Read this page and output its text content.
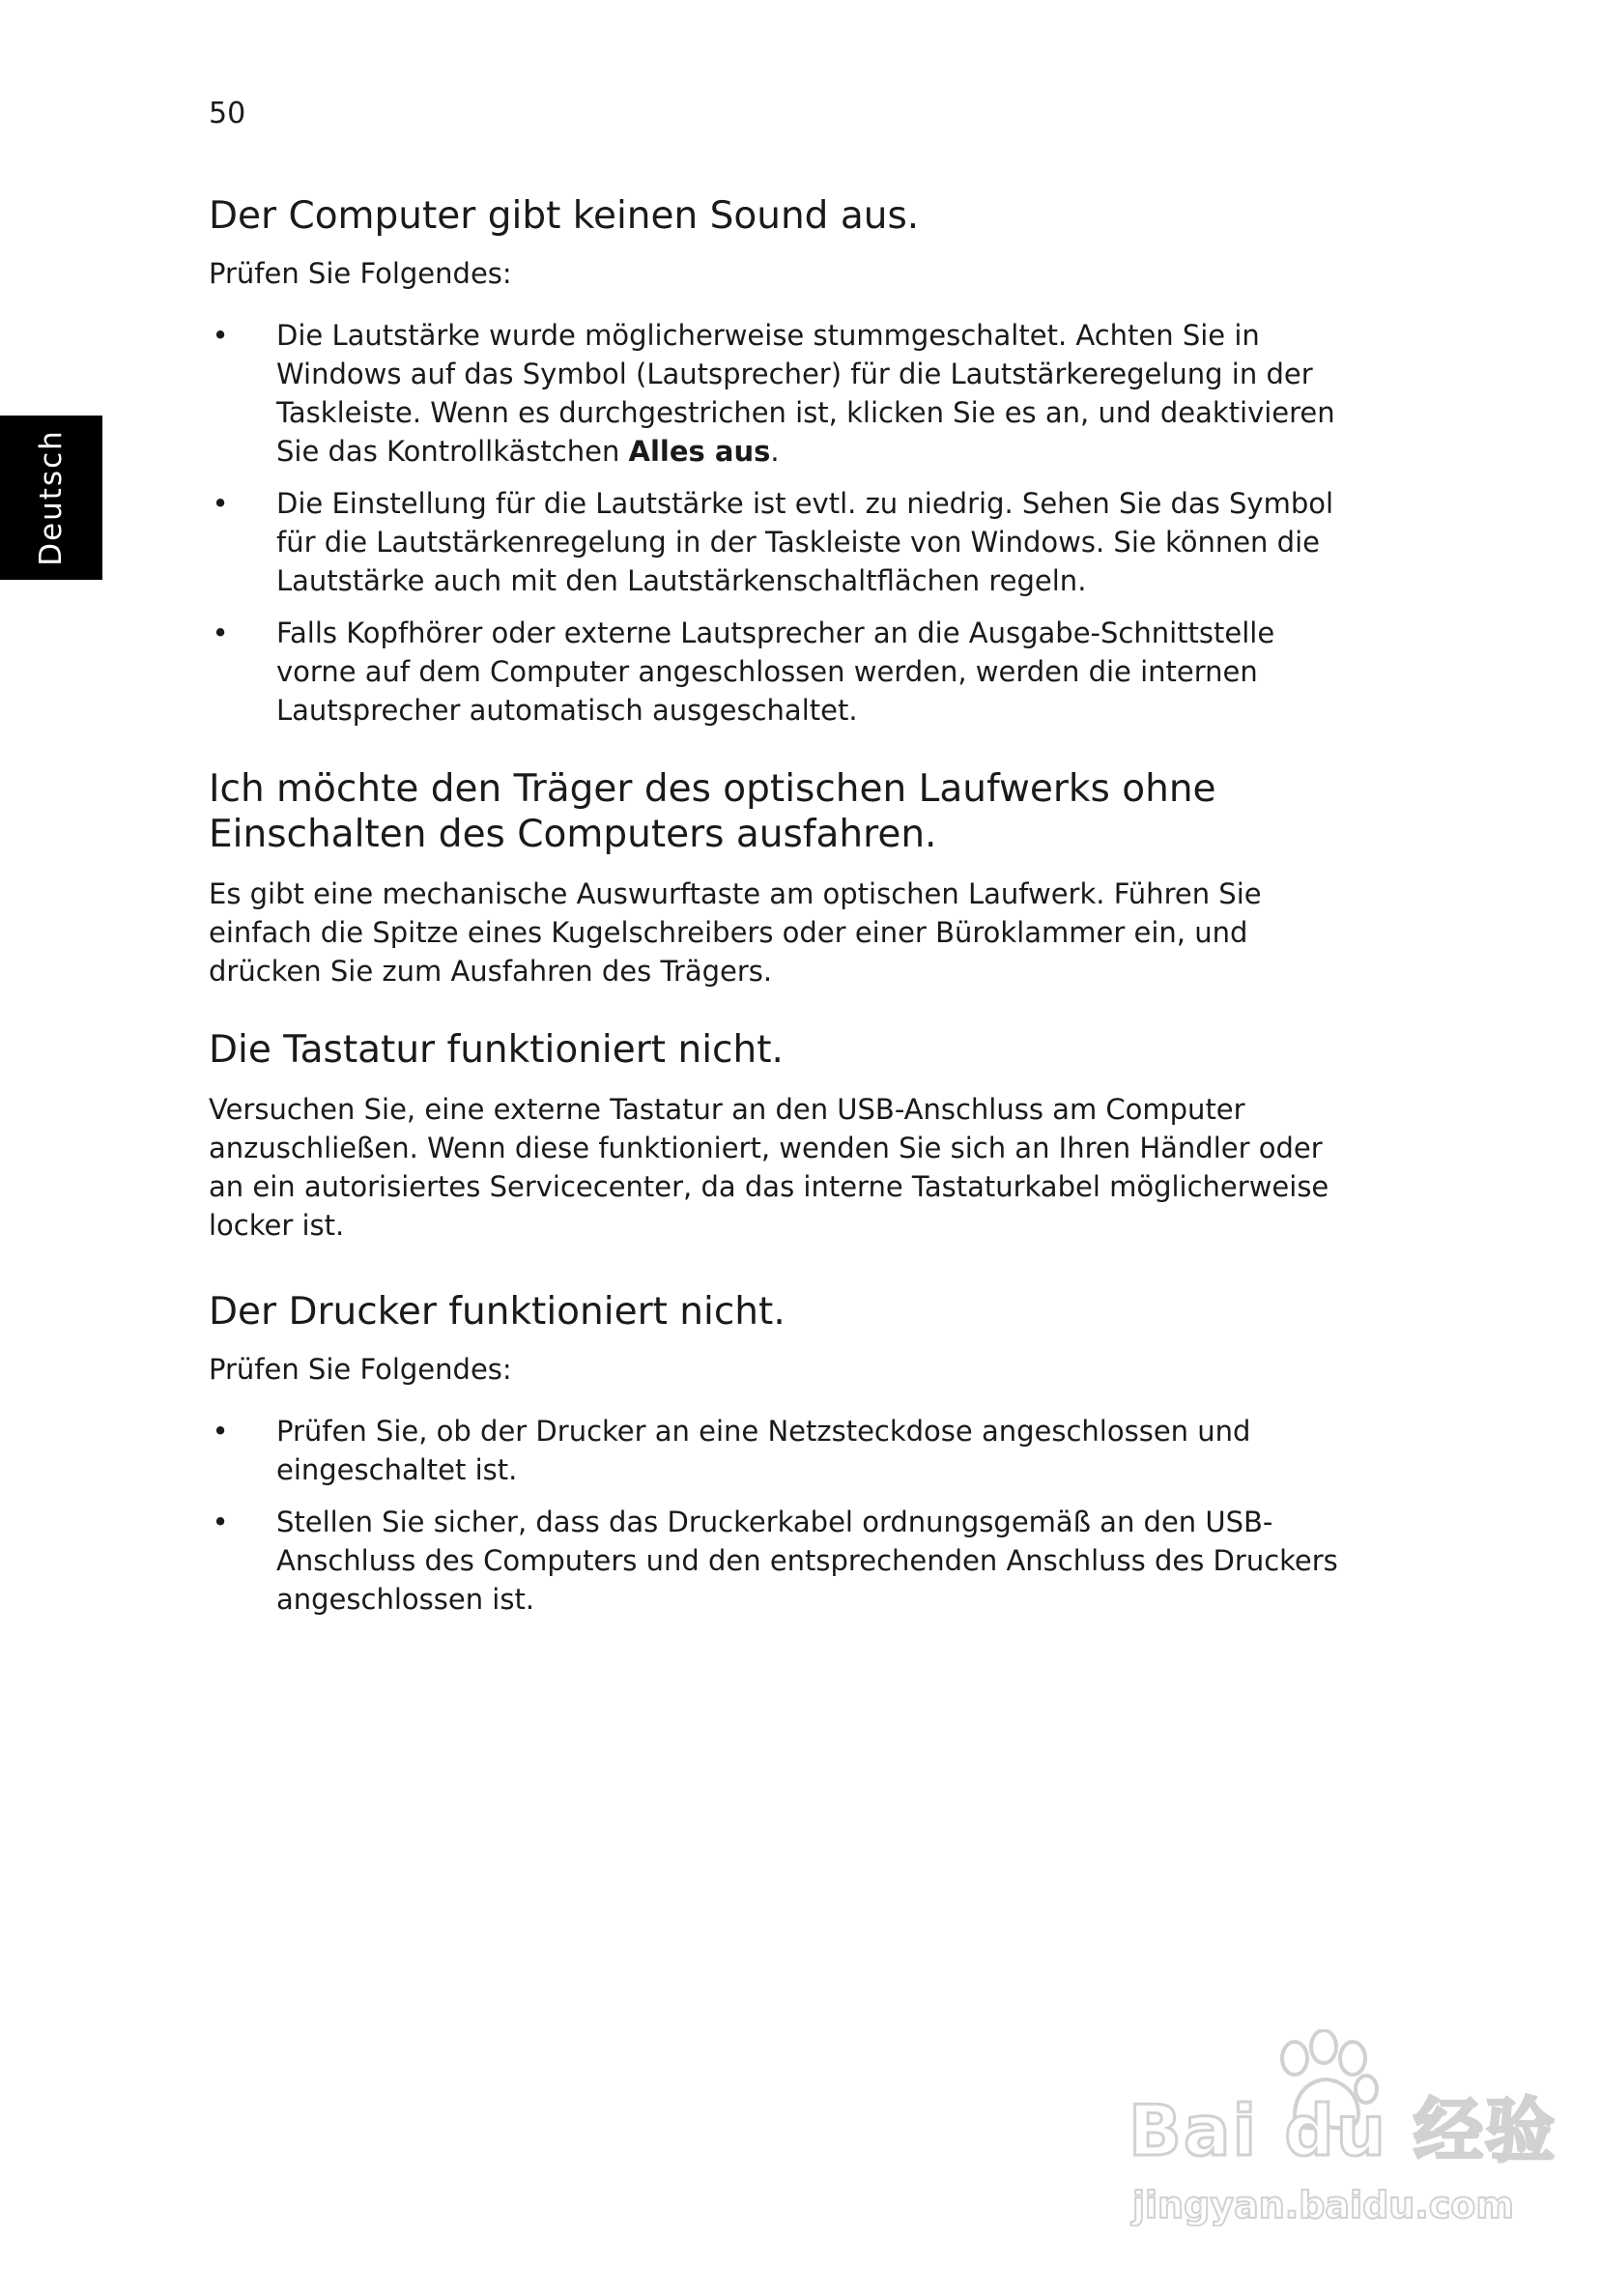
50
Deutsch
Der Computer gibt keinen Sound aus.

Prüfen Sie Folgendes:

• Die Lautstärke wurde möglicherweise stummgeschaltet. Achten Sie in Windows auf das Symbol (Lautsprecher) für die Lautstärkeregelung in der Taskleiste. Wenn es durchgestrichen ist, klicken Sie es an, und deaktivieren Sie das Kontrollkästchen Alles aus.
• Die Einstellung für die Lautstärke ist evtl. zu niedrig. Sehen Sie das Symbol für die Lautstärkenregelung in der Taskleiste von Windows. Sie können die Lautstärke auch mit den Lautstärkenschaltflächen regeln.
• Falls Kopfhörer oder externe Lautsprecher an die Ausgabe-Schnittstelle vorne auf dem Computer angeschlossen werden, werden die internen Lautsprecher automatisch ausgeschaltet.
Ich möchte den Träger des optischen Laufwerks ohne Einschalten des Computers ausfahren.

Es gibt eine mechanische Auswurftaste am optischen Laufwerk. Führen Sie einfach die Spitze eines Kugelschreibers oder einer Büroklammer ein, und drücken Sie zum Ausfahren des Trägers.

Die Tastatur funktioniert nicht.

Versuchen Sie, eine externe Tastatur an den USB-Anschluss am Computer anzuschließen. Wenn diese funktioniert, wenden Sie sich an Ihren Händler oder an ein autorisiertes Servicecenter, da das interne Tastaturkabel möglicherweise locker ist.

Der Drucker funktioniert nicht.

Prüfen Sie Folgendes:

• Prüfen Sie, ob der Drucker an eine Netzsteckdose angeschlossen und eingeschaltet ist.
• Stellen Sie sicher, dass das Druckerkabel ordnungsgemäß an den USB-Anschluss des Computers und den entsprechenden Anschluss des Druckers angeschlossen ist.
Bai du 经验
jingyan.baidu.com
